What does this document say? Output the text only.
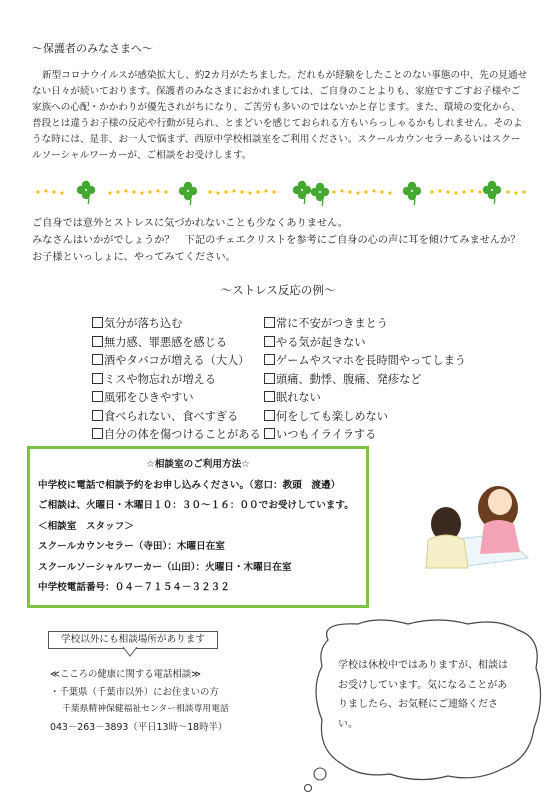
～保護者のみなさまへ～
新型コロナウイルスが感染拡大し、約2カ月がたちました。だれもが経験をしたことのない事態の中、先の見通せない日々が続いております。保護者のみなさまにおかれましては、ご自身のことよりも、家庭ですごすお子様やご家族への心配・かかわりが優先されがちになり、ご苦労も多いのではないかと存じます。また、環境の変化から、普段とは違うお子様の反応や行動が見られ、とまどいを感じておられる方もいらっしゃるかもしれません。そのような時には、是非、お一人で悩まず、西原中学校相談室をご利用ください。スクールカウンセラーあるいはスクールソーシャルワーカーが、ご相談をお受けします。
ご自身では意外とストレスに気づかれないことも少なくありません。
みなさんはいかがでしょうか？　下記のチェエクリストを参考にご自身の心の声に耳を傾けてみませんか？
お子様といっしょに、やってみてください。
～ストレス反応の例～
気分が落ち込む	常に不安がつきまとう
無力感、罪悪感を感じる	やる気が起きない
酒やタバコが増える（大人）	ゲームやスマホを長時間やってしまう
ミスや物忘れが増える	頭痛、動悸、腹痛、発疹など
風邪をひきやすい	眠れない
食べられない、食べすぎる	何をしても楽しめない
自分の体を傷つけることがある	いつもイライラする
☆相談室のご利用方法☆
中学校に電話で相談予約をお申し込みください。（窓口：教頭　渡邉）
ご相談は、火曜日・木曜日１０：３０～１６：００でお受けしています。
＜相談室　スタッフ＞
スクールカウンセラー（寺田）：木曜日在室
スクールソーシャルワーカー（山田）：火曜日・木曜日在室
中学校電話番号：０４－７１５４－３２３２
学校以外にも相談場所があります
≪こころの健康に関する電話相談≫
・千葉県（千葉市以外）にお住まいの方
千葉県精神保健福祉センター相談専用電話
043－263－3893（平日13時～18時半）
学校は休校中ではありますが、相談はお受けしています。気になることがありましたら、お気軽にご連絡ください。
